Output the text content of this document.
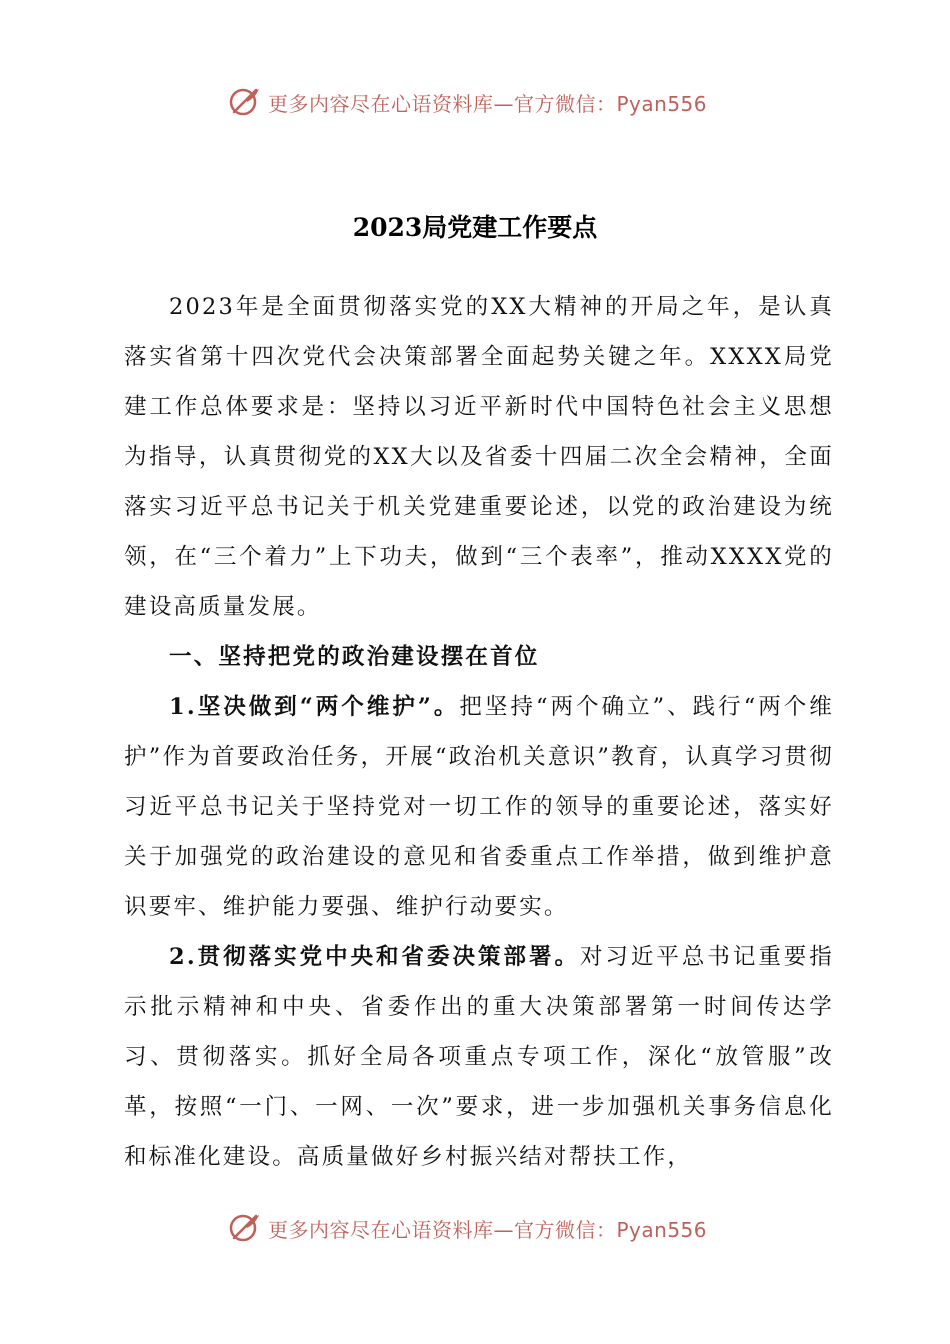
更多内容尽在心语资料库—官方微信：Pyan556
2023局党建工作要点

2023年是全面贯彻落实党的XX大精神的开局之年，是认真落实省第十四次党代会决策部署全面起势关键之年。XXXX局党建工作总体要求是：坚持以习近平新时代中国特色社会主义思想为指导，认真贯彻党的XX大以及省委十四届二次全会精神，全面落实习近平总书记关于机关党建重要论述，以党的政治建设为统领，在“三个着力”上下功夫，做到“三个表率”，推动XXXX党的建设高质量发展。

一、坚持把党的政治建设摆在首位

1.坚决做到“两个维护”。把坚持“两个确立”、践行“两个维护”作为首要政治任务，开展“政治机关意识”教育，认真学习贯彻习近平总书记关于坚持党对一切工作的领导的重要论述，落实好关于加强党的政治建设的意见和省委重点工作举措，做到维护意识要牢、维护能力要强、维护行动要实。

2.贯彻落实党中央和省委决策部署。对习近平总书记重要指示批示精神和中央、省委作出的重大决策部署第一时间传达学习、贯彻落实。抓好全局各项重点专项工作，深化“放管服”改革，按照“一门、一网、一次”要求，进一步加强机关事务信息化和标准化建设。高质量做好乡村振兴结对帮扶工作，

更多内容尽在心语资料库—官方微信：Pyan556
